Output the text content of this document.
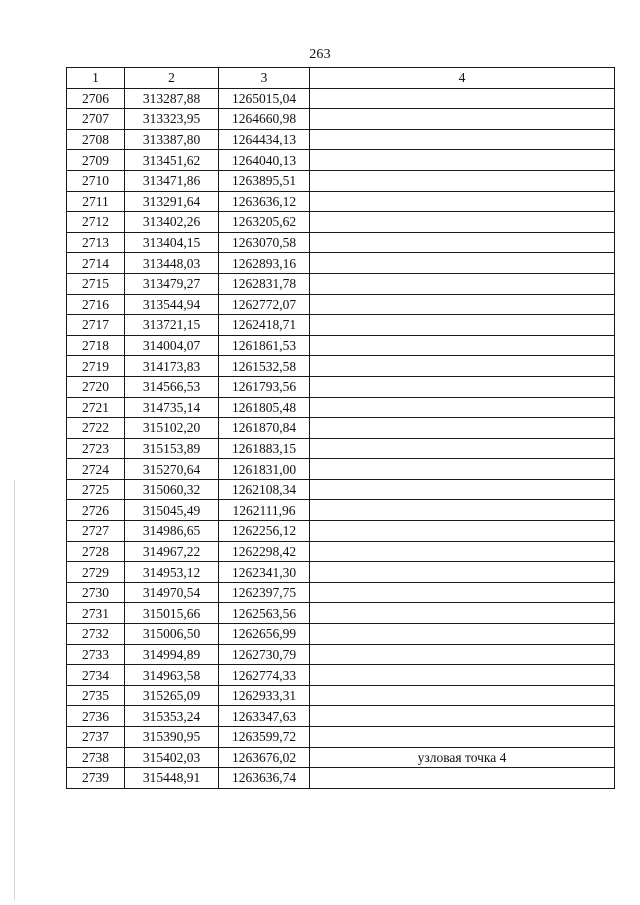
263
1	2	3	4
2706	313287,88	1265015,04	
2707	313323,95	1264660,98	
2708	313387,80	1264434,13	
2709	313451,62	1264040,13	
2710	313471,86	1263895,51	
2711	313291,64	1263636,12	
2712	313402,26	1263205,62	
2713	313404,15	1263070,58	
2714	313448,03	1262893,16	
2715	313479,27	1262831,78	
2716	313544,94	1262772,07	
2717	313721,15	1262418,71	
2718	314004,07	1261861,53	
2719	314173,83	1261532,58	
2720	314566,53	1261793,56	
2721	314735,14	1261805,48	
2722	315102,20	1261870,84	
2723	315153,89	1261883,15	
2724	315270,64	1261831,00	
2725	315060,32	1262108,34	
2726	315045,49	1262111,96	
2727	314986,65	1262256,12	
2728	314967,22	1262298,42	
2729	314953,12	1262341,30	
2730	314970,54	1262397,75	
2731	315015,66	1262563,56	
2732	315006,50	1262656,99	
2733	314994,89	1262730,79	
2734	314963,58	1262774,33	
2735	315265,09	1262933,31	
2736	315353,24	1263347,63	
2737	315390,95	1263599,72	
2738	315402,03	1263676,02	узловая точка 4
2739	315448,91	1263636,74	
